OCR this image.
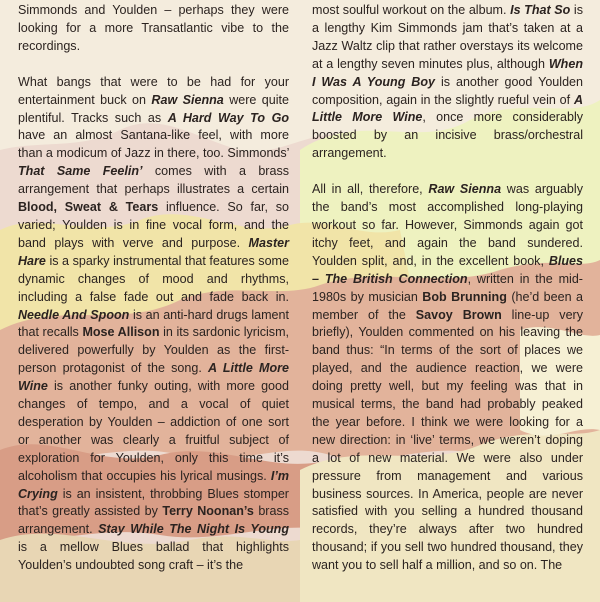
Simmonds and Youlden – perhaps they were looking for a more Transatlantic vibe to the recordings.

What bangs that were to be had for your entertainment buck on Raw Sienna were quite plentiful. Tracks such as A Hard Way To Go have an almost Santana-like feel, with more than a modicum of Jazz in there, too. Simmonds’ That Same Feelin’ comes with a brass arrangement that perhaps illustrates a certain Blood, Sweat & Tears influence. So far, so varied; Youlden is in fine vocal form, and the band plays with verve and purpose. Master Hare is a sparky instrumental that features some dynamic changes of mood and rhythms, including a false fade out and fade back in. Needle And Spoon is an anti-hard drugs lament that recalls Mose Allison in its sardonic lyricism, delivered powerfully by Youlden as the first-person protagonist of the song. A Little More Wine is another funky outing, with more good changes of tempo, and a vocal of quiet desperation by Youlden – addiction of one sort or another was clearly a fruitful subject of exploration for Youlden, only this time it’s alcoholism that occupies his lyrical musings. I’m Crying is an insistent, throbbing Blues stomper that’s greatly assisted by Terry Noonan’s brass arrangement. Stay While The Night Is Young is a mellow Blues ballad that highlights Youlden’s undoubted song craft – it’s the

most soulful workout on the album. Is That So is a lengthy Kim Simmonds jam that’s taken at a Jazz Waltz clip that rather overstays its welcome at a lengthy seven minutes plus, although When I Was A Young Boy is another good Youlden composition, again in the slightly rueful vein of A Little More Wine, once more considerably boosted by an incisive brass/orchestral arrangement.

All in all, therefore, Raw Sienna was arguably the band’s most accomplished long-playing workout so far. However, Simmonds again got itchy feet, and again the band sundered. Youlden split, and, in the excellent book, Blues – The British Connection, written in the mid-1980s by musician Bob Brunning (he’d been a member of the Savoy Brown line-up very briefly), Youlden commented on his leaving the band thus: “In terms of the sort of places we played, and the audience reaction, we were doing pretty well, but my feeling was that in musical terms, the band had probably peaked the year before. I think we were looking for a new direction: in ‘live’ terms, we weren’t doping a lot of new material. We were also under pressure from management and various business sources. In America, people are never satisfied with you selling a hundred thousand records, they’re always after two hundred thousand; if you sell two hundred thousand, they want you to sell half a million, and so on. The
